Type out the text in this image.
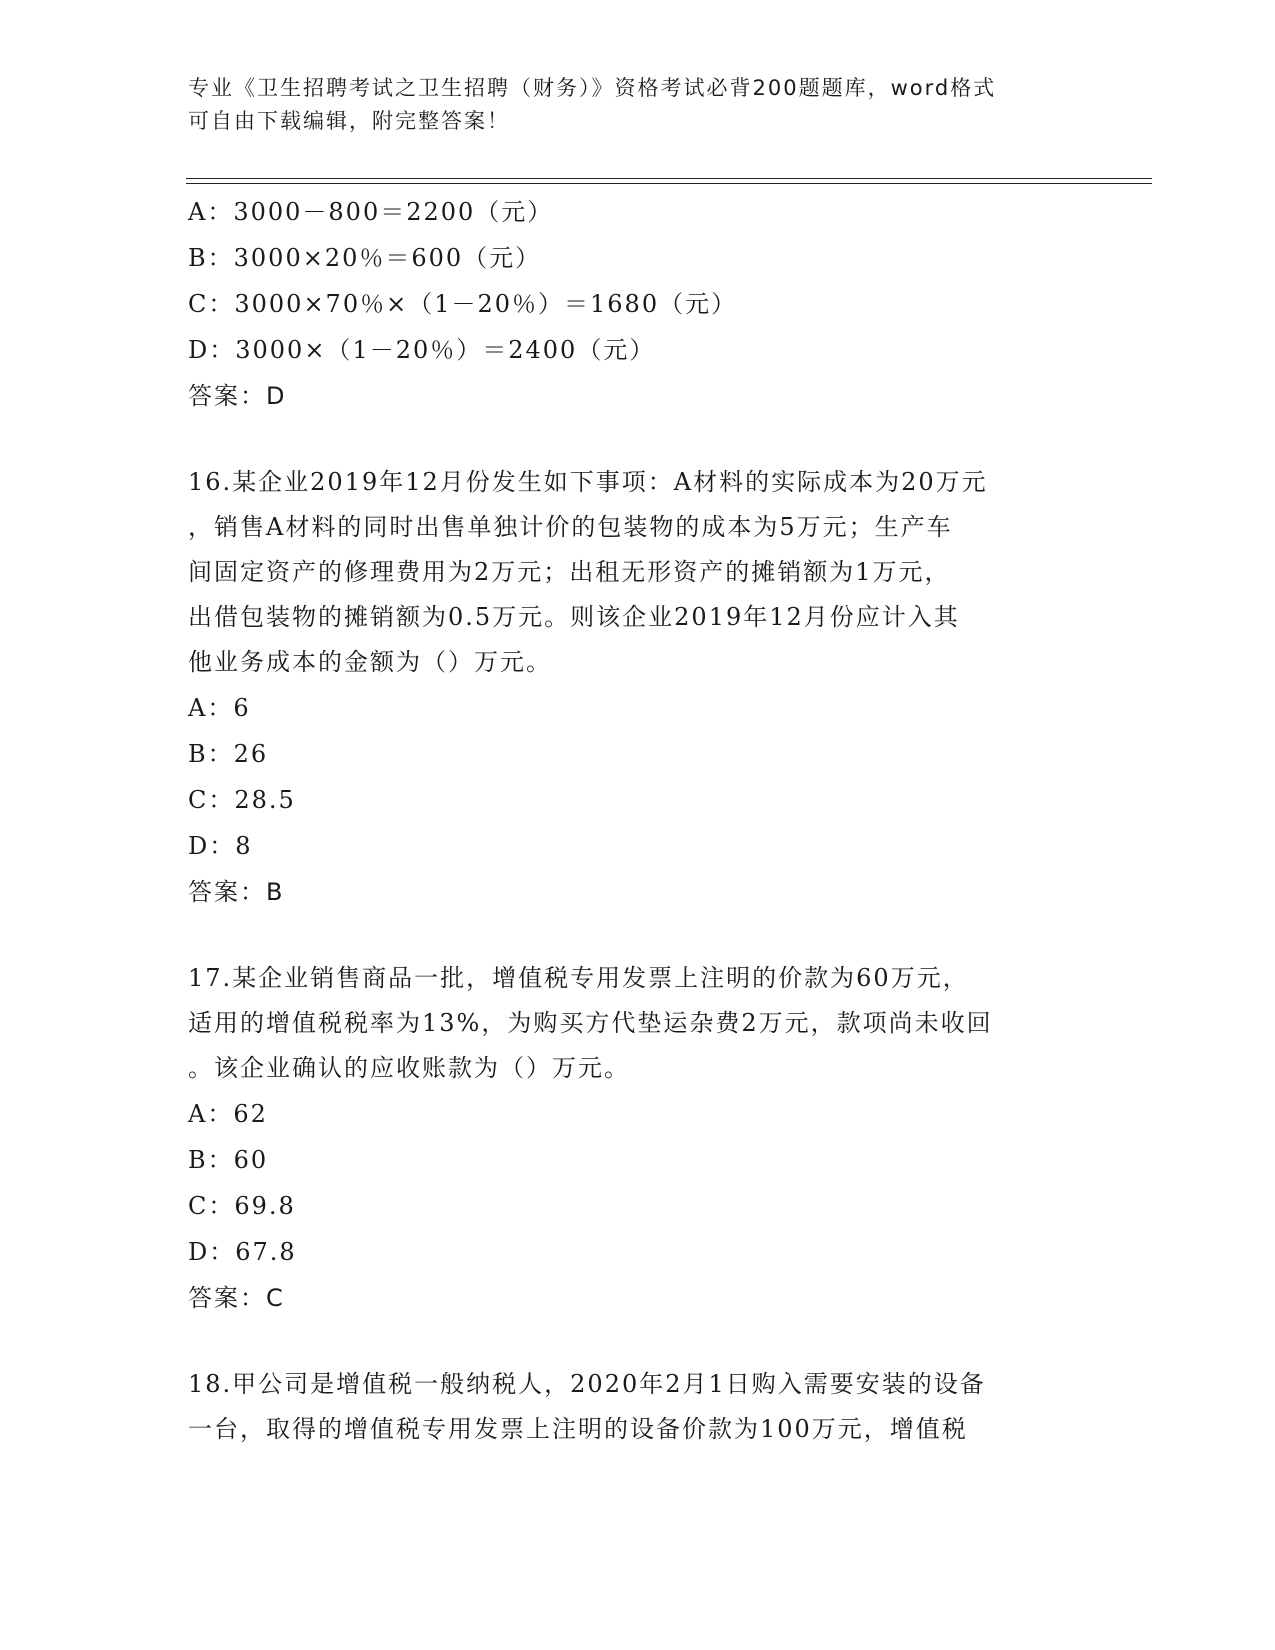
专业《卫生招聘考试之卫生招聘（财务）》资格考试必背200题题库，word格式
可自由下载编辑，附完整答案！
A：3000－800＝2200（元）
B：3000×20％＝600（元）
C：3000×70％×（1－20％）＝1680（元）
D：3000×（1－20％）＝2400（元）
答案：D
16.某企业2019年12月份发生如下事项：A材料的实际成本为20万元
，销售A材料的同时出售单独计价的包装物的成本为5万元；生产车
间固定资产的修理费用为2万元；出租无形资产的摊销额为1万元，
出借包装物的摊销额为0.5万元。则该企业2019年12月份应计入其
他业务成本的金额为（）万元。
A：6
B：26
C：28.5
D：8
答案：B
17.某企业销售商品一批，增值税专用发票上注明的价款为60万元，
适用的增值税税率为13%，为购买方代垫运杂费2万元，款项尚未收回
。该企业确认的应收账款为（）万元。
A：62
B：60
C：69.8
D：67.8
答案：C
18.甲公司是增值税一般纳税人，2020年2月1日购入需要安装的设备
一台，取得的增值税专用发票上注明的设备价款为100万元，增值税
